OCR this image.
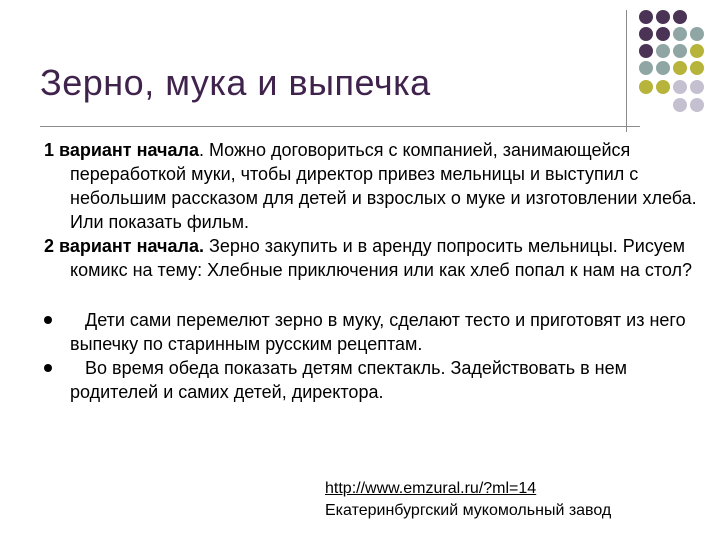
Зерно, мука и выпечка

1 вариант начала. Можно договориться с компанией, занимающейся переработкой муки, чтобы директор привез мельницы и выступил с небольшим рассказом для детей и взрослых о муке и изготовлении хлеба. Или показать фильм.

2 вариант начала. Зерно закупить и в аренду попросить мельницы. Рисуем комикс на тему: Хлебные приключения или как хлеб попал к нам на стол?

Дети сами перемелют зерно в муку, сделают тесто и приготовят из него выпечку по старинным русским рецептам.

Во время обеда показать детям спектакль. Задействовать в нем родителей и самих детей, директора.

http://www.emzural.ru/?ml=14
Екатеринбургский мукомольный завод
